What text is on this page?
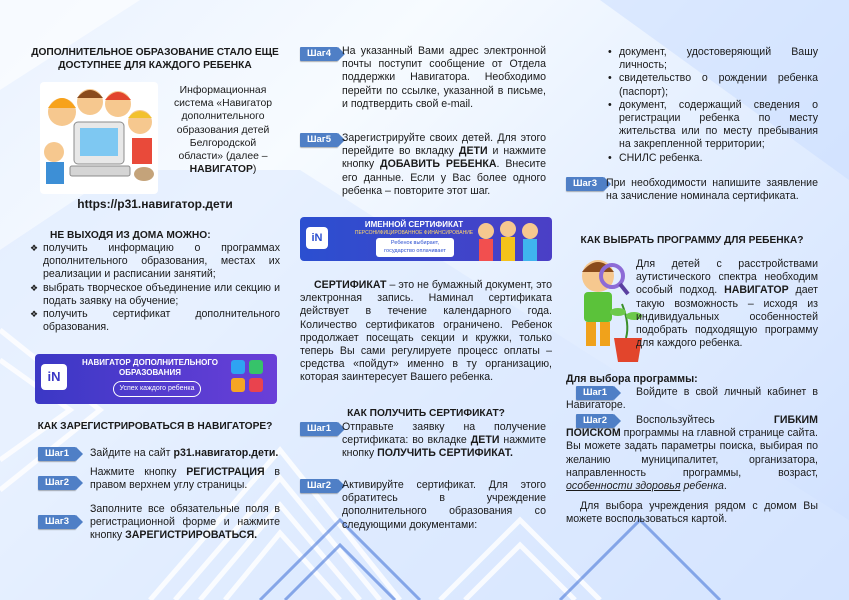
ДОПОЛНИТЕЛЬНОЕ ОБРАЗОВАНИЕ СТАЛО ЕЩЕ ДОСТУПНЕЕ ДЛЯ КАЖДОГО РЕБЕНКА
Информационная система «Навигатор дополнительного образования детей Белгородской области» (далее – НАВИГАТОР)
https://p31.навигатор.дети
НЕ ВЫХОДЯ ИЗ ДОМА МОЖНО:
❖ получить информацию о программах дополнительного образования, местах их реализации и расписании занятий;
❖ выбрать творческое объединение или секцию и подать заявку на обучение;
❖ получить сертификат дополнительного образования.
iN
НАВИГАТОР ДОПОЛНИТЕЛЬНОГО ОБРАЗОВАНИЯ
Успех каждого ребенка
КАК ЗАРЕГИСТРИРОВАТЬСЯ В НАВИГАТОРЕ?
Шаг1	Зайдите на сайт p31.навигатор.дети.
Шаг2
Нажмите кнопку РЕГИСТРАЦИЯ в правом верхнем углу страницы.
Шаг3
Заполните все обязательные поля в регистрационной форме и нажмите кнопку ЗАРЕГИСТРИРОВАТЬСЯ.
Шаг4	На указанный Вами адрес электронной почты поступит сообщение от Отдела поддержки Навигатора. Необходимо перейти по ссылке, указанной в письме, и подтвердить свой e-mail.
Шаг5	Зарегистрируйте своих детей. Для этого перейдите во вкладку ДЕТИ и нажмите кнопку ДОБАВИТЬ РЕБЕНКА. Внесите его данные. Если у Вас более одного ребенка – повторите этот шаг.
iN
ИМЕННОЙ СЕРТИФИКАТ
ПЕРСОНИФИЦИРОВАННОЕ ФИНАНСИРОВАНИЕ
Ребенок выбирает, государство оплачивает
СЕРТИФИКАТ – это не бумажный документ, это электронная запись. Наминал сертификата действует в течение календарного года. Количество сертификатов ограничено. Ребенок продолжает посещать секции и кружки, только теперь Вы сами регулируете процесс оплаты – средства «пойдут» именно в ту организацию, которая заинтересует Вашего ребенка.
КАК ПОЛУЧИТЬ СЕРТИФИКАТ?
Шаг1	Отправьте заявку на получение сертификата: во вкладке ДЕТИ нажмите кнопку ПОЛУЧИТЬ СЕРТИФИКАТ.
Шаг2	Активируйте сертификат. Для этого обратитесь в учреждение дополнительного образования со следующими документами:
• документ, удостоверяющий Вашу личность;
• свидетельство о рождении ребенка (паспорт);
• документ, содержащий сведения о регистрации ребенка по месту жительства или по месту пребывания на закрепленной территории;
• СНИЛС ребенка.
Шаг3 При необходимости напишите заявление на зачисление номинала сертификата.
КАК ВЫБРАТЬ ПРОГРАММУ ДЛЯ РЕБЕНКА?
Для детей с расстройствами аутистического спектра необходим особый подход. НАВИГАТОР дает такую возможность – исходя из индивидуальных особенностей подобрать подходящую программу для каждого ребенка.
Для выбора программы:
Шаг1	Войдите в свой личный кабинет в Навигаторе.
Шаг2	Воспользуйтесь ГИБКИМ ПОИСКОМ программы на главной странице сайта. Вы можете задать параметры поиска, выбирая по желанию муниципалитет, организатора, направленность программы, возраст, особенности здоровья ребенка.
Для выбора учреждения рядом с домом Вы можете воспользоваться картой.
